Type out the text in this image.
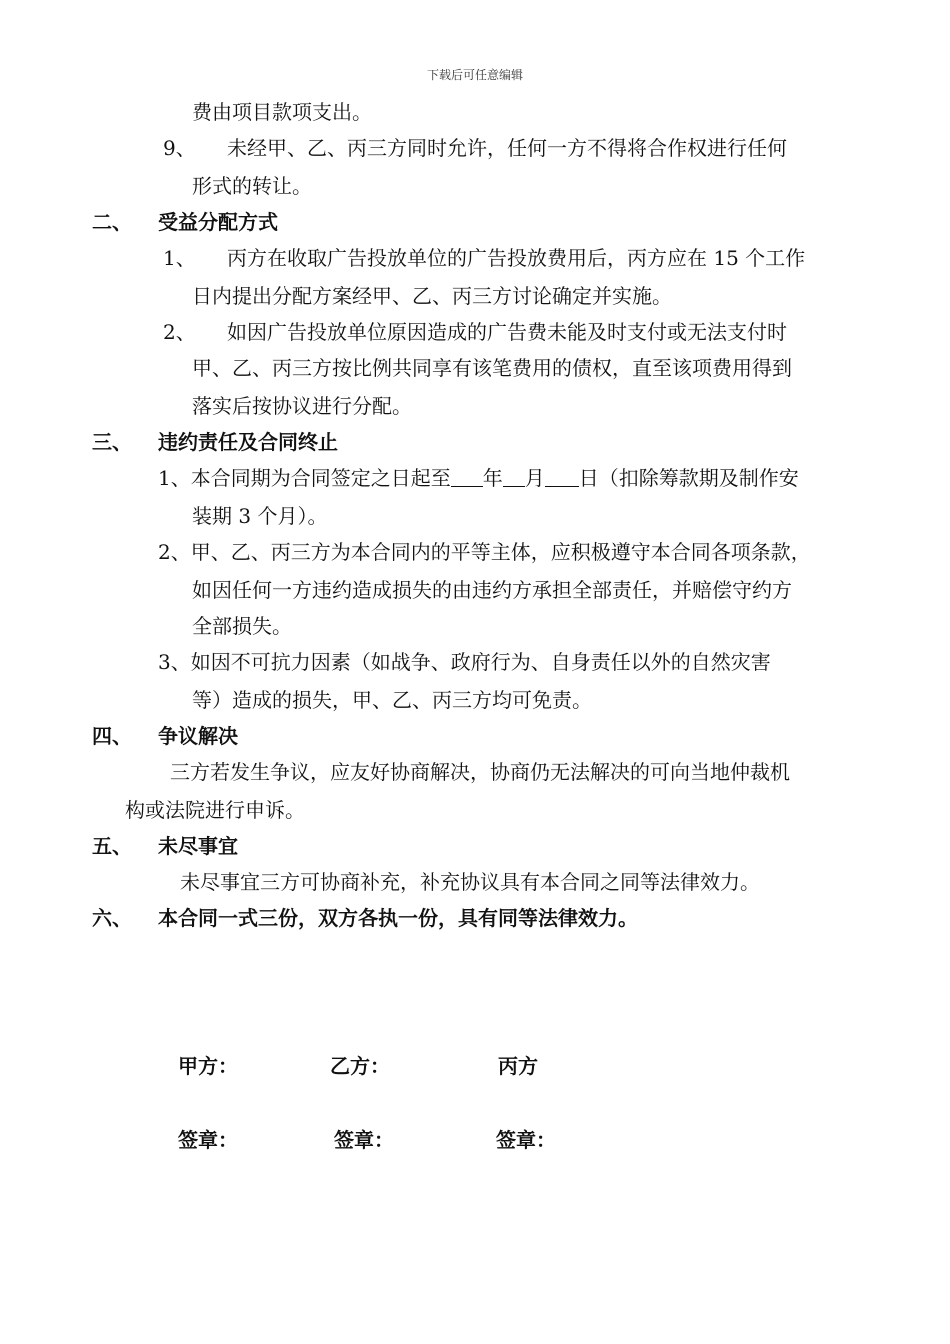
下载后可任意编辑
费由项目款项支出。
9、 未经甲、乙、丙三方同时允许，任何一方不得将合作权进行任何
形式的转让。
二、 受益分配方式
1、 丙方在收取广告投放单位的广告投放费用后，丙方应在 15 个工作
日内提出分配方案经甲、乙、丙三方讨论确定并实施。
2、 如因广告投放单位原因造成的广告费未能及时支付或无法支付时
甲、乙、丙三方按比例共同享有该笔费用的债权，直至该项费用得到
落实后按协议进行分配。
三、 违约责任及合同终止
1、本合同期为合同签定之日起至 年 月 日（扣除筹款期及制作安
装期 3 个月）。
2、甲、乙、丙三方为本合同内的平等主体，应积极遵守本合同各项条款，
如因任何一方违约造成损失的由违约方承担全部责任，并赔偿守约方
全部损失。
3、如因不可抗力因素（如战争、政府行为、自身责任以外的自然灾害
等）造成的损失，甲、乙、丙三方均可免责。
四、 争议解决
三方若发生争议，应友好协商解决，协商仍无法解决的可向当地仲裁机
构或法院进行申诉。
五、 未尽事宜
未尽事宜三方可协商补充，补充协议具有本合同之同等法律效力。
六、 本合同一式三份，双方各执一份，具有同等法律效力。
甲方：	乙方：	丙方
签章：	签章：	签章：
